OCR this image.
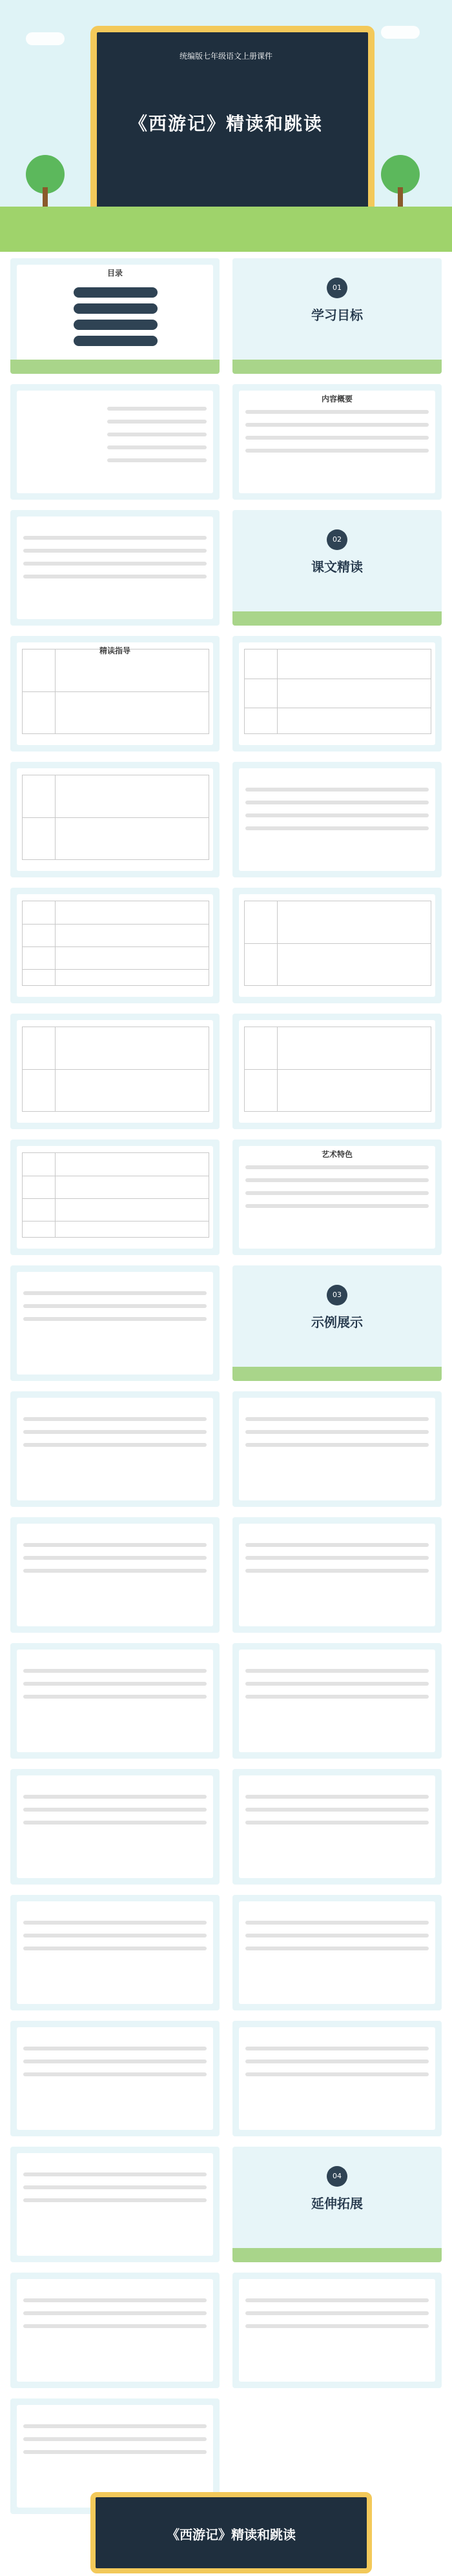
统编版七年级语文上册课件
《西游记》精读和跳读
目录
01
学习目标
内容概要
02
课文精读
精读指导
艺术特色
03
示例展示
04
延伸拓展
《西游记》精读和跳读
